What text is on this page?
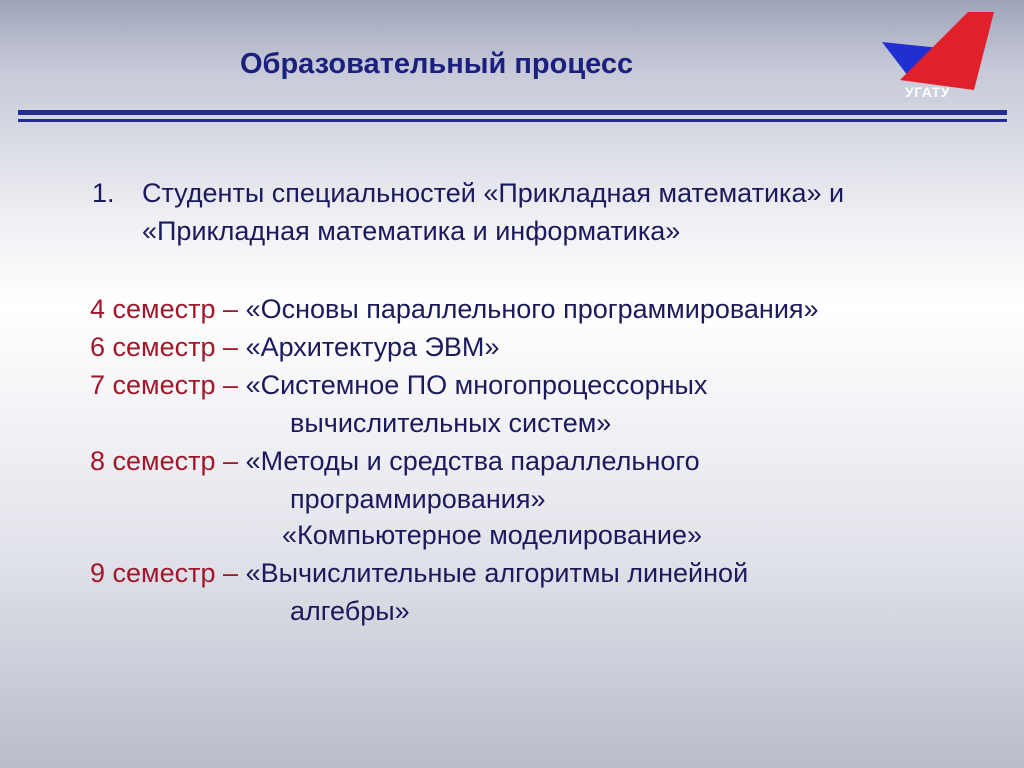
Образовательный процесс
УГАТУ
1. Студенты специальностей «Прикладная математика» и
«Прикладная математика и информатика»
4 семестр – «Основы параллельного программирования»
6 семестр – «Архитектура ЭВМ»
7 семестр – «Системное ПО многопроцессорных
вычислительных систем»
8 семестр – «Методы и средства параллельного
программирования»
«Компьютерное моделирование»
9 семестр – «Вычислительные алгоритмы линейной
алгебры»
